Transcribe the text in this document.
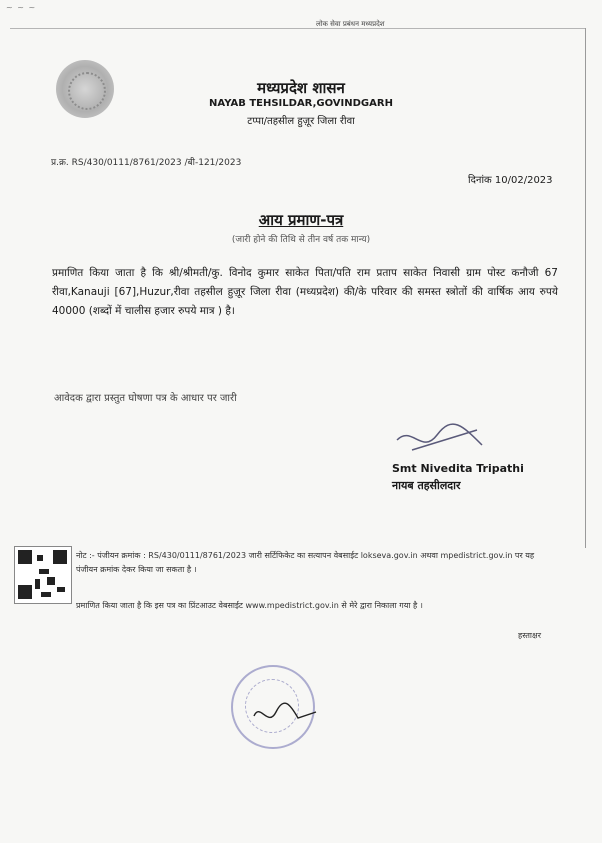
~ ~ ~
लोक सेवा प्रबंधन मध्यप्रदेश
मध्यप्रदेश शासन
NAYAB TEHSILDAR,GOVINDGARH
टप्पा/तहसील हुज़ूर जिला रीवा
प्र.क्र. RS/430/0111/8761/2023 /बी-121/2023
दिनांक 10/02/2023
आय प्रमाण-पत्र
(जारी होने की तिथि से तीन वर्ष तक मान्य)
प्रमाणित किया जाता है कि श्री/श्रीमती/कु. विनोद कुमार साकेत पिता/पति राम प्रताप साकेत निवासी ग्राम पोस्ट कनौजी 67 रीवा,Kanauji [67],Huzur,रीवा तहसील हुज़ूर जिला रीवा (मध्यप्रदेश) की/के परिवार की समस्त स्त्रोतों की वार्षिक आय रुपये 40000 (शब्दों में चालीस हजार रुपये मात्र ) है।
आवेदक द्वारा प्रस्तुत घोषणा पत्र के आधार पर जारी
Smt Nivedita Tripathi
नायब तहसीलदार
नोट :- पंजीयन क्रमांक : RS/430/0111/8761/2023 जारी सर्टिफिकेट का सत्यापन वेबसाईट lokseva.gov.in अथवा mpedistrict.gov.in पर यह पंजीयन क्रमांक देकर किया जा सकता है ।
प्रमाणित किया जाता है कि इस पत्र का प्रिंटआउट वेबसाईट www.mpedistrict.gov.in से मेरे द्वारा निकाला गया है ।
हस्ताक्षर
